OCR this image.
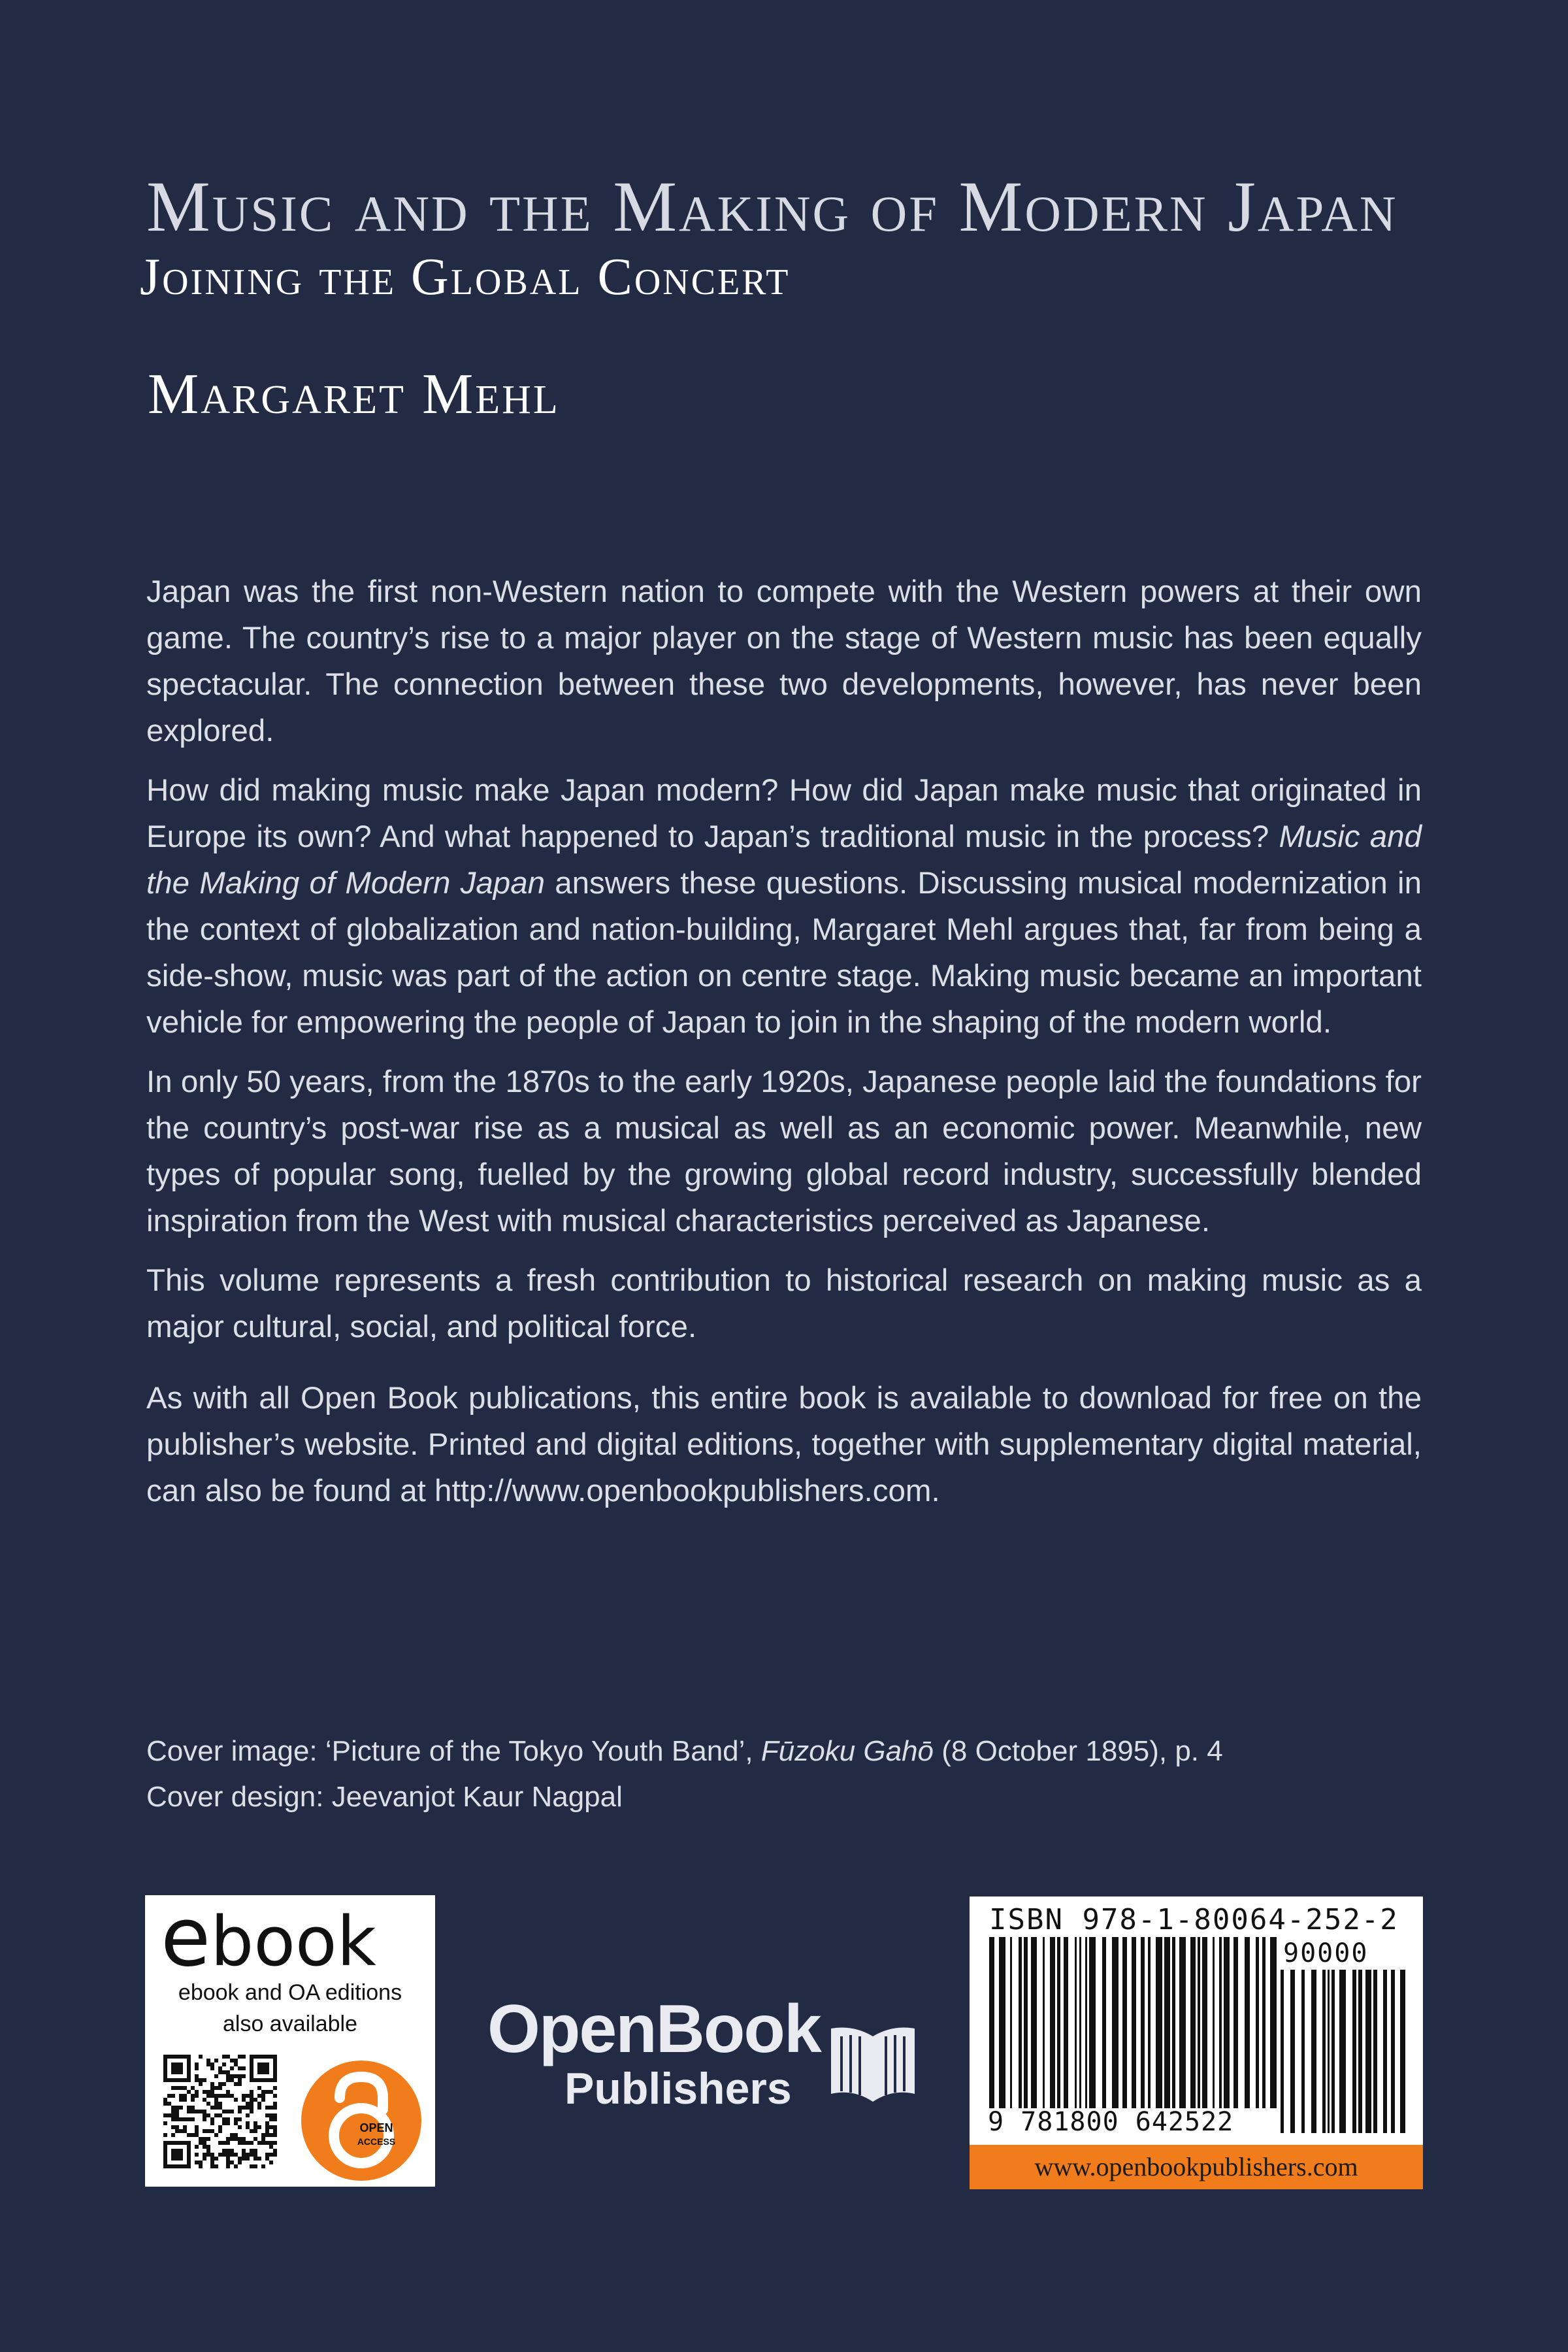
Music and the Making of Modern Japan
Joining the Global Concert
Margaret Mehl

Japan was the first non-Western nation to compete with the Western powers at their own game. The country’s rise to a major player on the stage of Western music has been equally spectacular. The connection between these two developments, however, has never been explored.

How did making music make Japan modern? How did Japan make music that originated in Europe its own? And what happened to Japan’s traditional music in the process? Music and the Making of Modern Japan answers these questions. Discussing musical modernization in the context of globalization and nation-building, Margaret Mehl argues that, far from being a side-show, music was part of the action on centre stage. Making music became an important vehicle for empowering the people of Japan to join in the shaping of the modern world.

In only 50 years, from the 1870s to the early 1920s, Japanese people laid the foundations for the country’s post-war rise as a musical as well as an economic power. Meanwhile, new types of popular song, fuelled by the growing global record industry, successfully blended inspiration from the West with musical characteristics perceived as Japanese.

This volume represents a fresh contribution to historical research on making music as a major cultural, social, and political force.

As with all Open Book publications, this entire book is available to download for free on the publisher’s website. Printed and digital editions, together with supplementary digital material, can also be found at http://www.openbookpublishers.com.

Cover image: ‘Picture of the Tokyo Youth Band’, Fūzoku Gahō (8 October 1895), p. 4
Cover design: Jeevanjot Kaur Nagpal
ebook
ebook and OA editions
also available
OPEN
ACCESS
OpenBook
Publishers
ISBN 978-1-80064-252-2
90000
9 781800 642522
www.openbookpublishers.com
